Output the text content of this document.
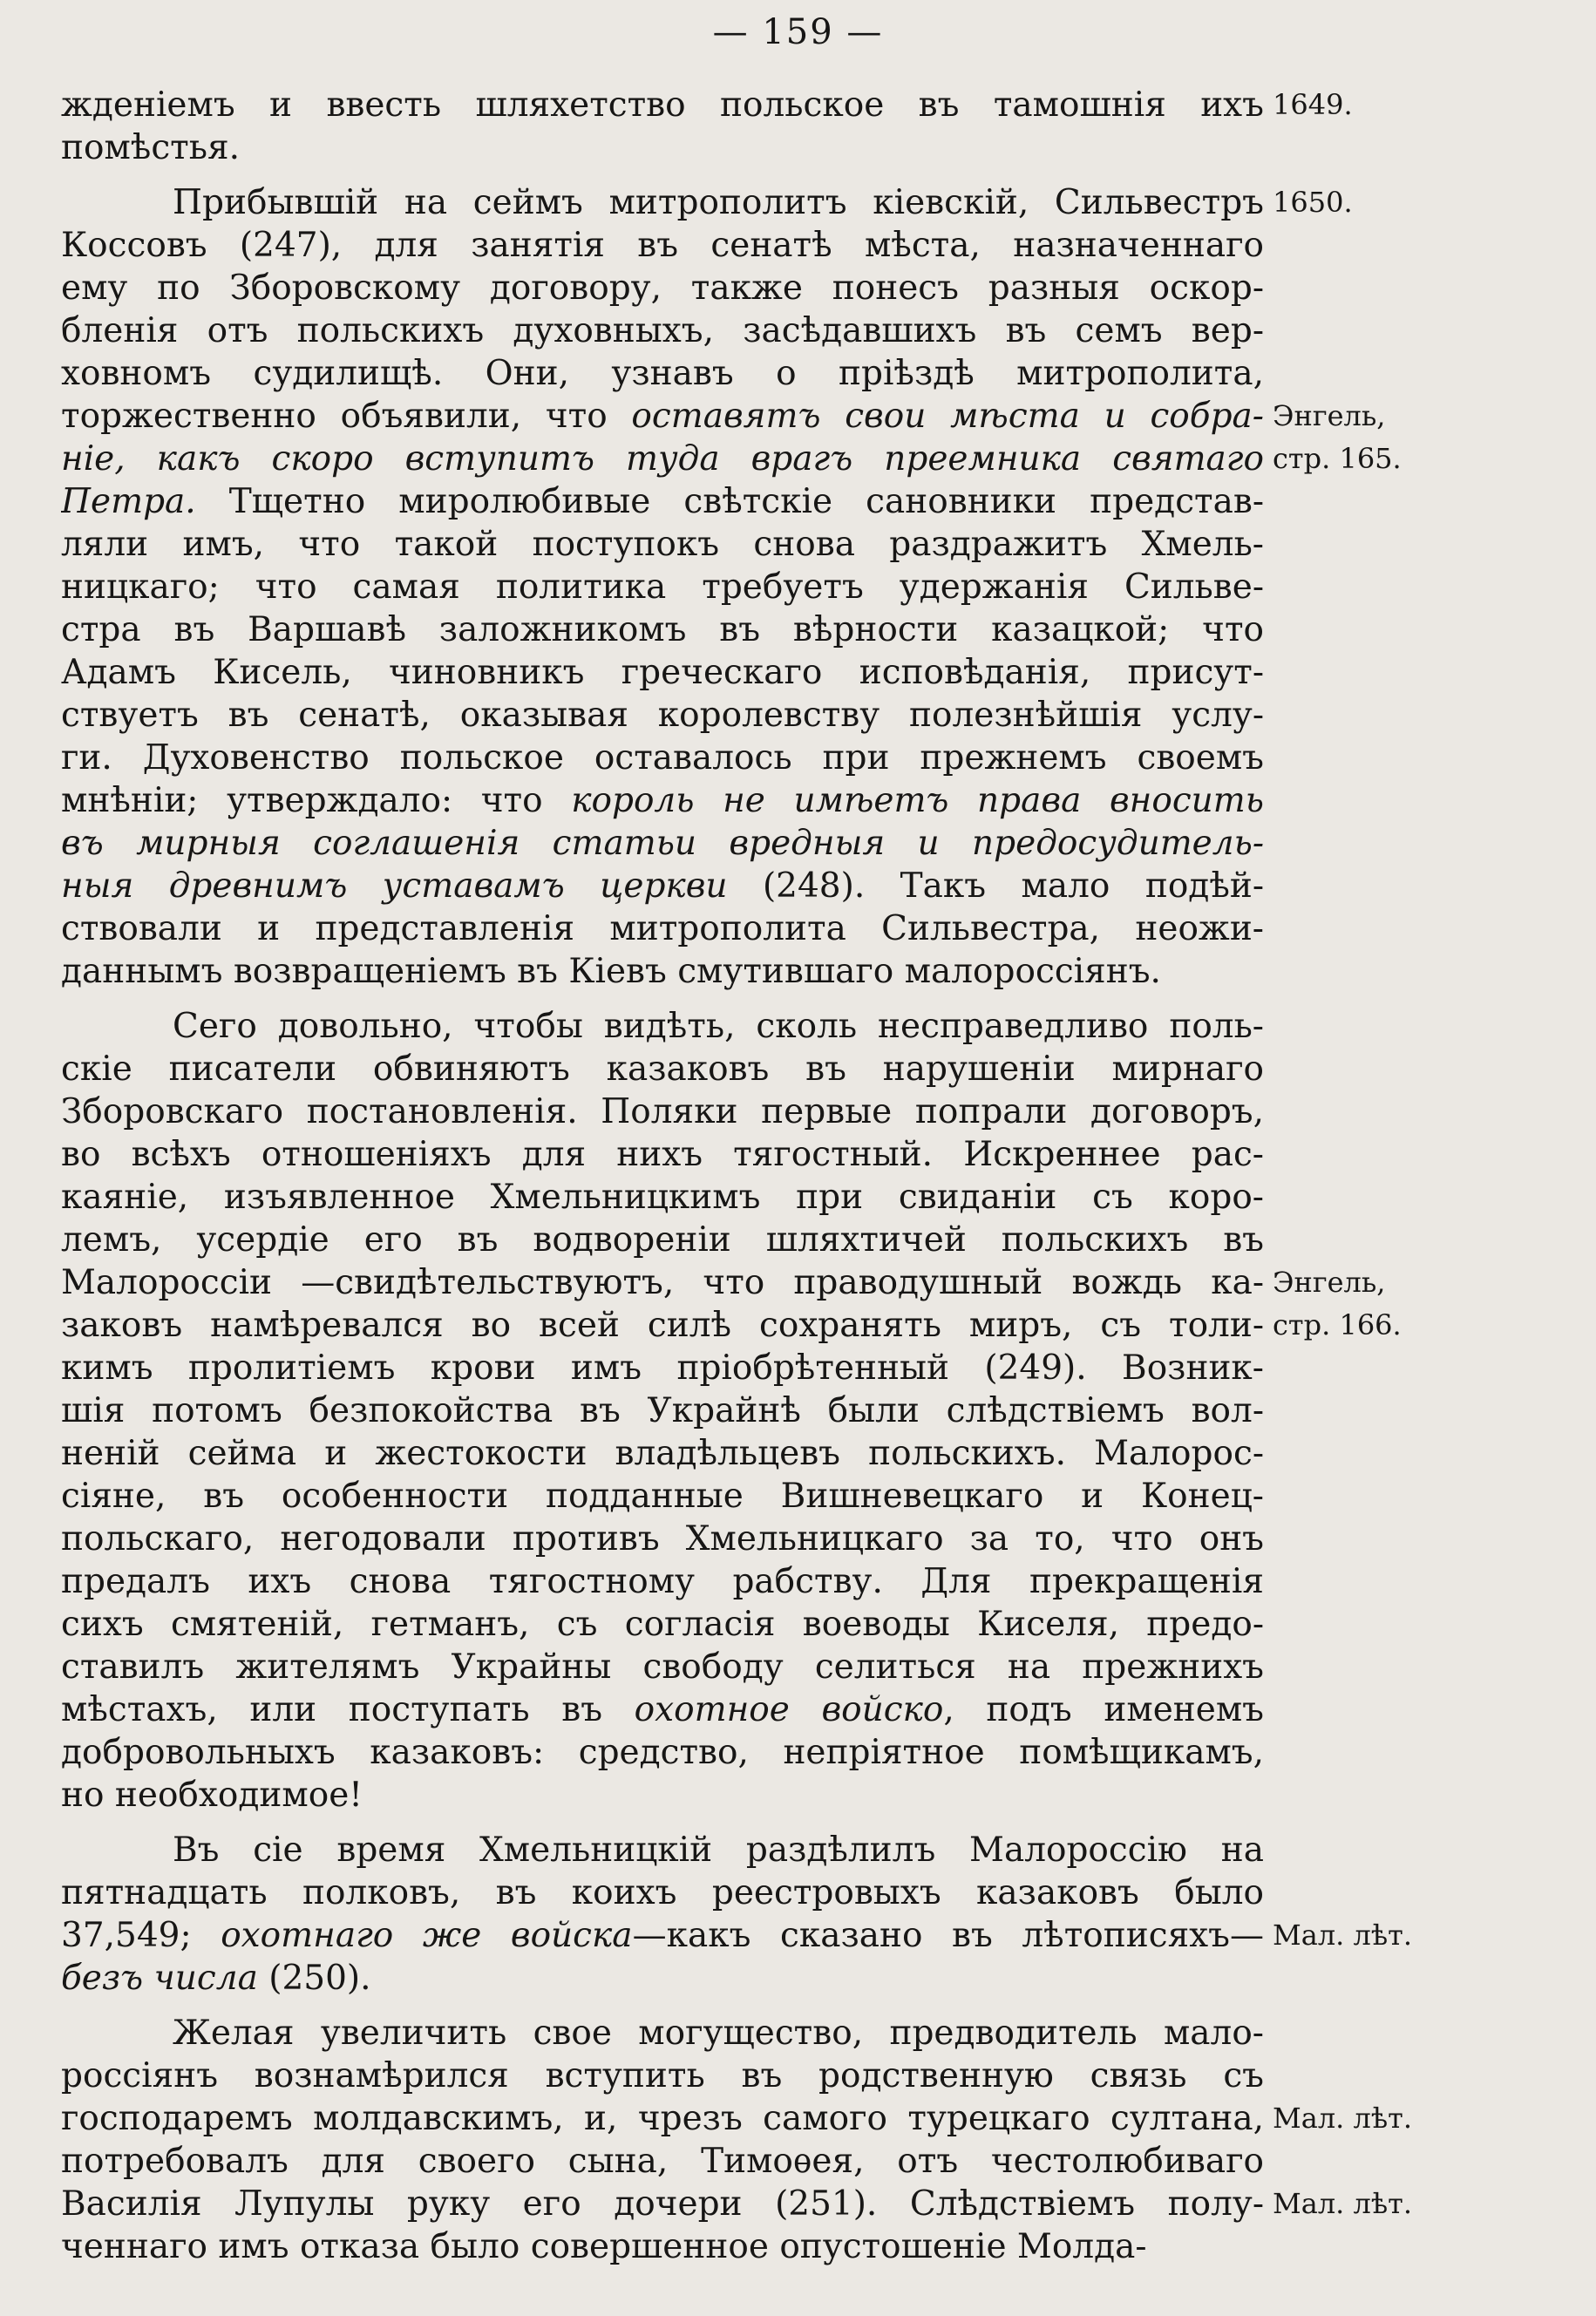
— 159 —
жденіемъ и ввесть шляхетство польское въ тамошнія ихъ
помѣстья.
Прибывшій на сеймъ митрополитъ кіевскій, Сильвестръ
Коссовъ (247), для занятія въ сенатѣ мѣста, назначеннаго
ему по Зборовскому договору, также понесъ разныя оскор-
бленія отъ польскихъ духовныхъ, засѣдавшихъ въ семъ вер-
ховномъ судилищѣ. Они, узнавъ о пріѣздѣ митрополита,
торжественно объявили, что оставятъ свои мѣста и собра-
ніе, какъ скоро вступитъ туда врагъ преемника святаго
Петра. Тщетно миролюбивые свѣтскіе сановники представ-
ляли имъ, что такой поступокъ снова раздражитъ Хмель-
ницкаго; что самая политика требуетъ удержанія Сильве-
стра въ Варшавѣ заложникомъ въ вѣрности казацкой; что
Адамъ Кисель, чиновникъ греческаго исповѣданія, присут-
ствуетъ въ сенатѣ, оказывая королевству полезнѣйшія услу-
ги. Духовенство польское оставалось при прежнемъ своемъ
мнѣніи; утверждало: что король не имѣетъ права вносить
въ мирныя соглашенія статьи вредныя и предосудитель-
ныя древнимъ уставамъ церкви (248). Такъ мало подѣй-
ствовали и представленія митрополита Сильвестра, неожи-
даннымъ возвращеніемъ въ Кіевъ смутившаго малороссіянъ.
Сего довольно, чтобы видѣть, сколь несправедливо поль-
скіе писатели обвиняютъ казаковъ въ нарушеніи мирнаго
Зборовскаго постановленія. Поляки первые попрали договоръ,
во всѣхъ отношеніяхъ для нихъ тягостный. Искреннее рас-
каяніе, изъявленное Хмельницкимъ при свиданіи съ коро-
лемъ, усердіе его въ водвореніи шляхтичей польскихъ въ
Малороссіи —свидѣтельствуютъ, что праводушный вождь ка-
заковъ намѣревался во всей силѣ сохранять миръ, съ толи-
кимъ пролитіемъ крови имъ пріобрѣтенный (249). Возник-
шія потомъ безпокойства въ Украйнѣ были слѣдствіемъ вол-
неній сейма и жестокости владѣльцевъ польскихъ. Малорос-
сіяне, въ особенности подданные Вишневецкаго и Конец-
польскаго, негодовали противъ Хмельницкаго за то, что онъ
предалъ ихъ снова тягостному рабству. Для прекращенія
сихъ смятеній, гетманъ, съ согласія воеводы Киселя, предо-
ставилъ жителямъ Украйны свободу селиться на прежнихъ
мѣстахъ, или поступать въ охотное войско, подъ именемъ
добровольныхъ казаковъ: средство, непріятное помѣщикамъ,
но необходимое!
Въ сіе время Хмельницкій раздѣлилъ Малороссію на
пятнадцать полковъ, въ коихъ реестровыхъ казаковъ было
37,549; охотнаго же войска—какъ сказано въ лѣтописяхъ—
безъ числа (250).
Желая увеличить свое могущество, предводитель мало-
россіянъ вознамѣрился вступить въ родственную связь съ
господаремъ молдавскимъ, и, чрезъ самого турецкаго султана,
потребовалъ для своего сына, Тимоѳея, отъ честолюбиваго
Василія Лупулы руку его дочери (251). Слѣдствіемъ полу-
ченнаго имъ отказа было совершенное опустошеніе Молда-
1649.
1650.
Энгель,
стр. 165.
Энгель,
стр. 166.
Мал. лѣт.
Мал. лѣт.
Мал. лѣт.
